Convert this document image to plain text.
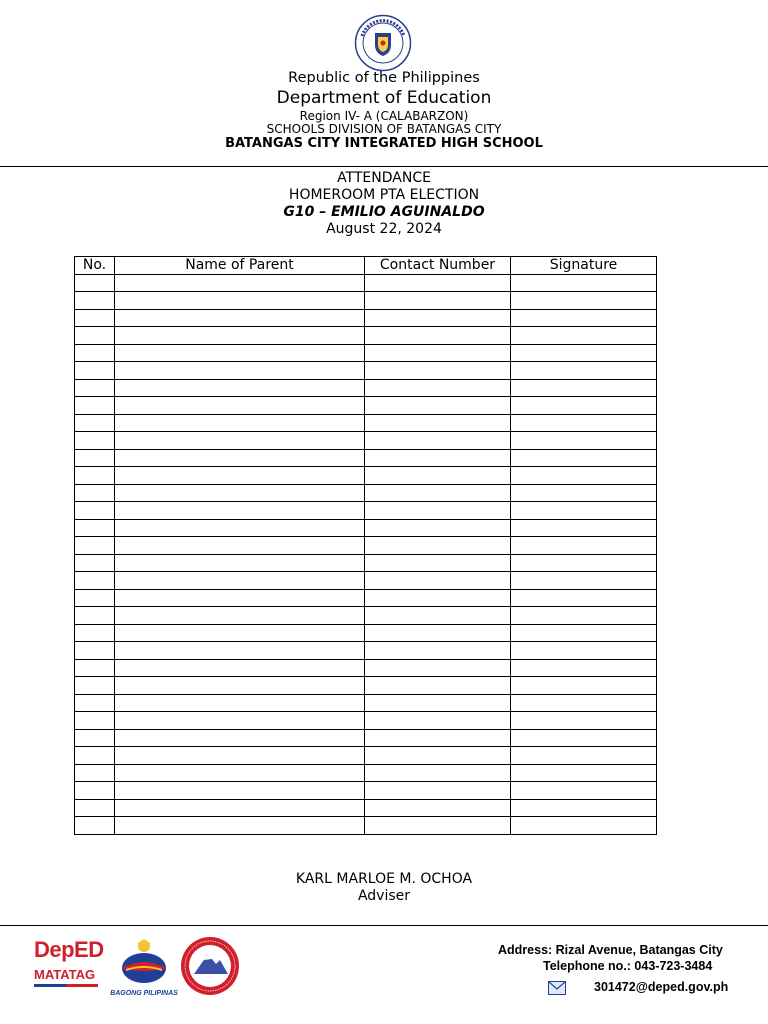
Republic of the Philippines
Department of Education
Region IV- A (CALABARZON)
SCHOOLS DIVISION OF BATANGAS CITY
BATANGAS CITY INTEGRATED HIGH SCHOOL
ATTENDANCE
HOMEROOM PTA ELECTION
G10 – EMILIO AGUINALDO
August 22, 2024
No.	Name of Parent	Contact Number	Signature

KARL MARLOE M. OCHOA
Adviser
DepED
MATATAG
BAGONG PILIPINAS
Address: Rizal Avenue, Batangas City
Telephone no.: 043-723-3484
301472@deped.gov.ph
